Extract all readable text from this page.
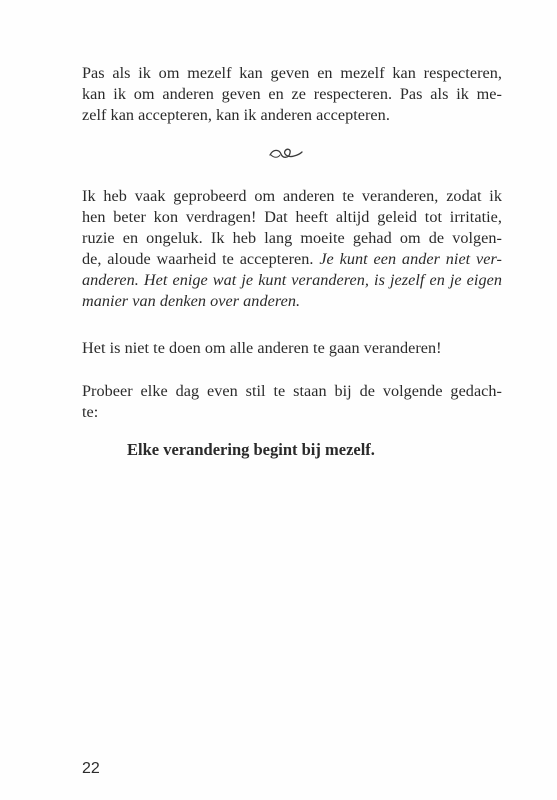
Pas als ik om mezelf kan geven en mezelf kan respecteren,
kan ik om anderen geven en ze respecteren. Pas als ik me-
zelf kan accepteren, kan ik anderen accepteren.

Ik heb vaak geprobeerd om anderen te veranderen, zodat ik
hen beter kon verdragen! Dat heeft altijd geleid tot irritatie,
ruzie en ongeluk. Ik heb lang moeite gehad om de volgen-
de, aloude waarheid te accepteren. Je kunt een ander niet ver-
anderen. Het enige wat je kunt veranderen, is jezelf en je eigen
manier van denken over anderen.

Het is niet te doen om alle anderen te gaan veranderen!

Probeer elke dag even stil te staan bij de volgende gedach-
te:

Elke verandering begint bij mezelf.

22
